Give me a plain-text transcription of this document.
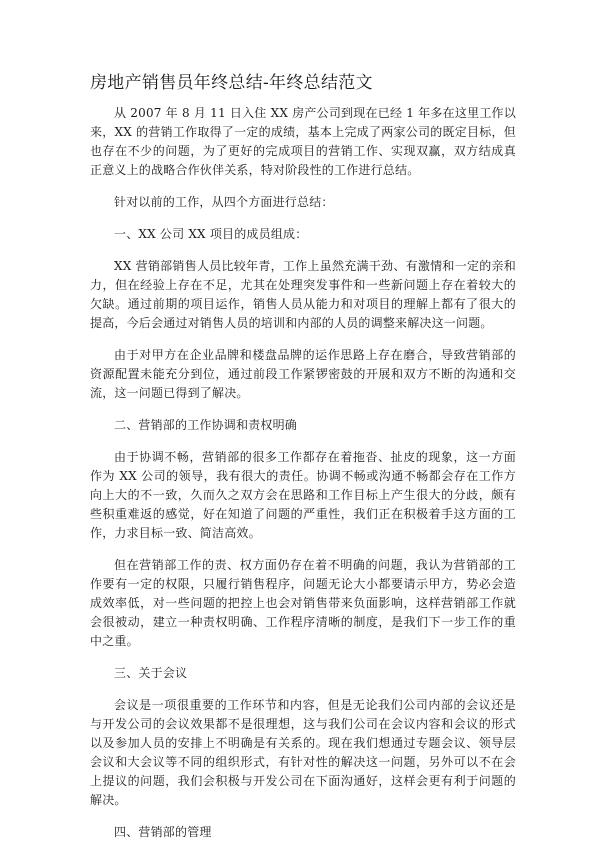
房地产销售员年终总结-年终总结范文

从 2007 年 8 月 11 日入住 XX 房产公司到现在已经 1 年多在这里工作以来，XX 的营销工作取得了一定的成绩，基本上完成了两家公司的既定目标，但也存在不少的问题，为了更好的完成项目的营销工作、实现双赢，双方结成真正意义上的战略合作伙伴关系，特对阶段性的工作进行总结。

针对以前的工作，从四个方面进行总结：

一、XX 公司 XX 项目的成员组成：

XX 营销部销售人员比较年青，工作上虽然充满干劲、有激情和一定的亲和力，但在经验上存在不足，尤其在处理突发事件和一些新问题上存在着较大的欠缺。通过前期的项目运作，销售人员从能力和对项目的理解上都有了很大的提高，今后会通过对销售人员的培训和内部的人员的调整来解决这一问题。

由于对甲方在企业品牌和楼盘品牌的运作思路上存在磨合，导致营销部的资源配置未能充分到位，通过前段工作紧锣密鼓的开展和双方不断的沟通和交流，这一问题已得到了解决。

二、营销部的工作协调和责权明确

由于协调不畅，营销部的很多工作都存在着拖沓、扯皮的现象，这一方面作为 XX 公司的领导，我有很大的责任。协调不畅或沟通不畅都会存在工作方向上大的不一致，久而久之双方会在思路和工作目标上产生很大的分歧，颇有些积重难返的感觉，好在知道了问题的严重性，我们正在积极着手这方面的工作，力求目标一致、简洁高效。

但在营销部工作的责、权方面仍存在着不明确的问题，我认为营销部的工作要有一定的权限，只履行销售程序，问题无论大小都要请示甲方，势必会造成效率低，对一些问题的把控上也会对销售带来负面影响，这样营销部工作就会很被动，建立一种责权明确、工作程序清晰的制度，是我们下一步工作的重中之重。

三、关于会议

会议是一项很重要的工作环节和内容，但是无论我们公司内部的会议还是与开发公司的会议效果都不是很理想，这与我们公司在会议内容和会议的形式以及参加人员的安排上不明确是有关系的。现在我们想通过专题会议、领导层会议和大会议等不同的组织形式，有针对性的解决这一问题，另外可以不在会上提议的问题，我们会积极与开发公司在下面沟通好，这样会更有利于问题的解决。

四、营销部的管理
